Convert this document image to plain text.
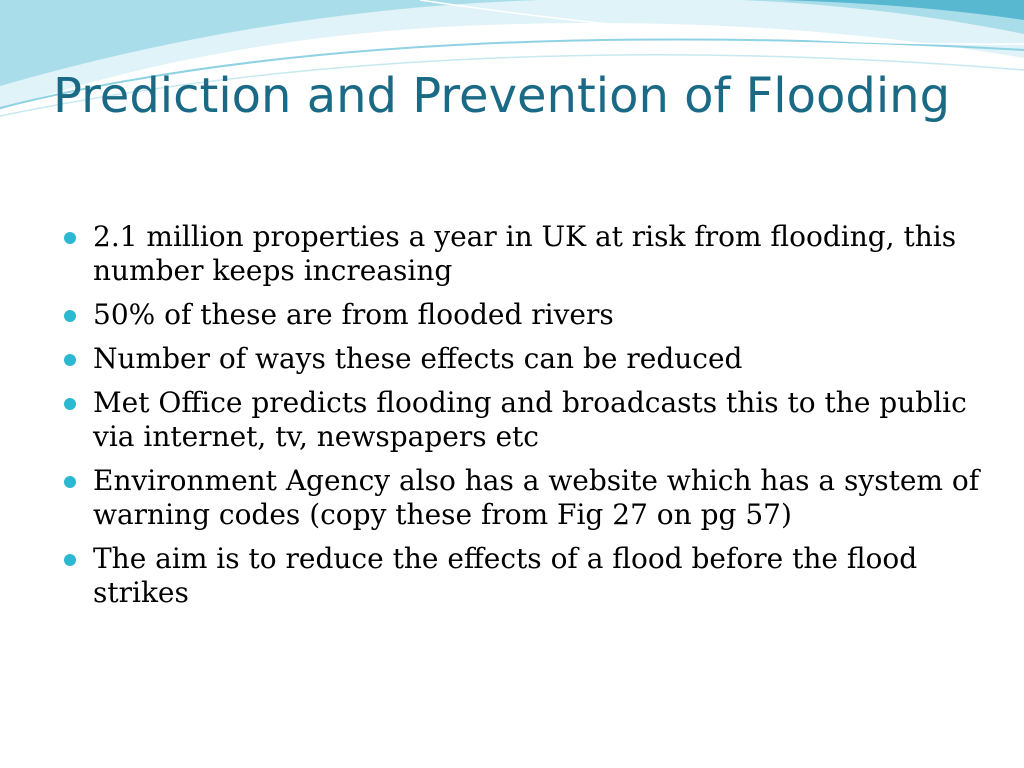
Prediction and Prevention of Flooding
2.1 million properties a year in UK at risk from flooding, this number keeps increasing
50% of these are from flooded rivers
Number of ways these effects can be reduced
Met Office predicts flooding and broadcasts this to the public via internet, tv, newspapers etc
Environment Agency also has a website which has a system of warning codes (copy these from Fig 27 on pg 57)
The aim is to reduce the effects of a flood before the flood strikes
